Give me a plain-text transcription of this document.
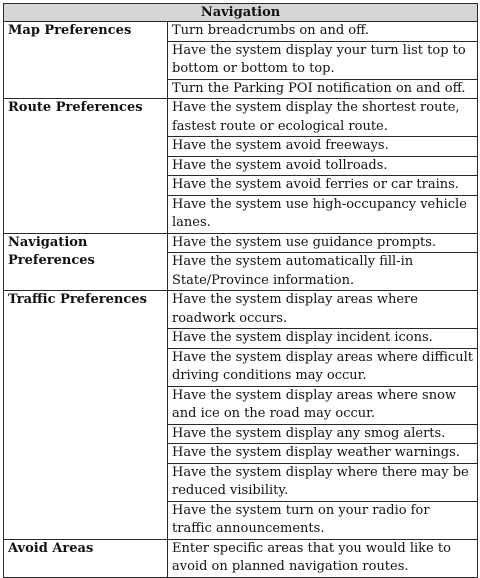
Navigation	
Map Preferences	Turn breadcrumbs on and off.
	Have the system display your turn list top to bottom or bottom to top.
	Turn the Parking POI notification on and off.
Route Preferences	Have the system display the shortest route, fastest route or ecological route.
	Have the system avoid freeways.
	Have the system avoid tollroads.
	Have the system avoid ferries or car trains.
	Have the system use high-occupancy vehicle lanes.
Navigation Preferences	Have the system use guidance prompts.
	Have the system automatically fill-in State/Province information.
Traffic Preferences	Have the system display areas where roadwork occurs.
	Have the system display incident icons.
	Have the system display areas where difficult driving conditions may occur.
	Have the system display areas where snow and ice on the road may occur.
	Have the system display any smog alerts.
	Have the system display weather warnings.
	Have the system display where there may be reduced visibility.
	Have the system turn on your radio for traffic announcements.
Avoid Areas	Enter specific areas that you would like to avoid on planned navigation routes.
